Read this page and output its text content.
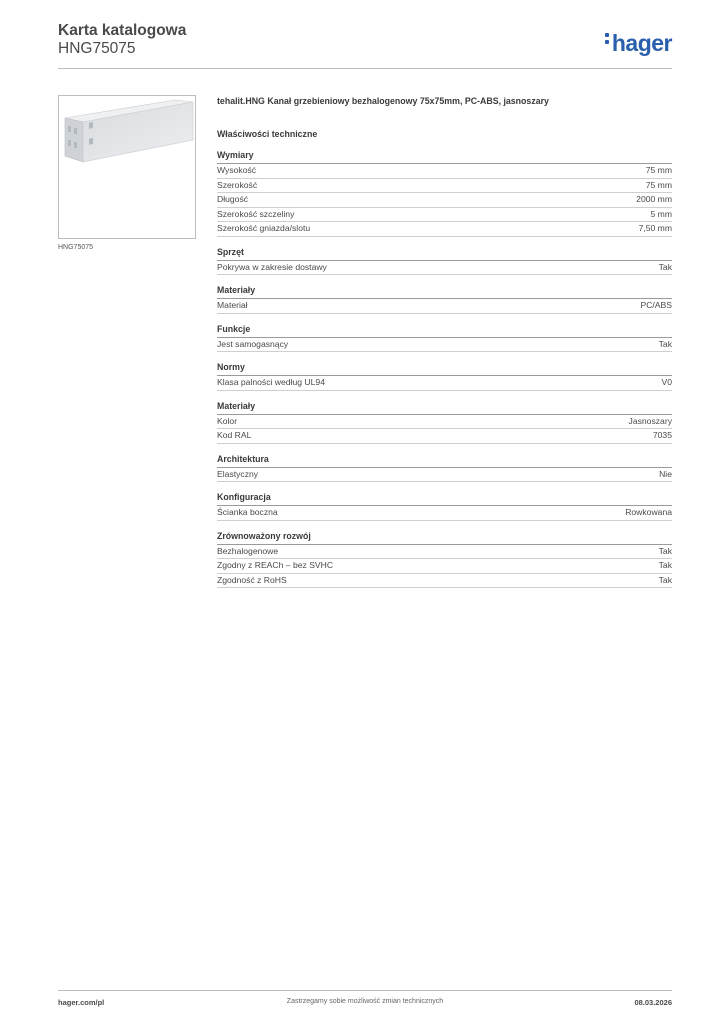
Karta katalogowa
HNG75075	hager
HNG75075
tehalit.HNG Kanał grzebieniowy bezhalogenowy 75x75mm, PC-ABS, jasnoszary
Właściwości techniczne
Wymiary
Wysokość	75 mm
Szerokość	75 mm
Długość	2000 mm
Szerokość szczeliny	5 mm
Szerokość gniazda/slotu	7,50 mm
Sprzęt
Pokrywa w zakresie dostawy	Tak
Materiały
Materiał	PC/ABS
Funkcje
Jest samogasnący	Tak
Normy
Klasa palności według UL94	V0
Materiały
Kolor	Jasnoszary
Kod RAL	7035
Architektura
Elastyczny	Nie
Konfiguracja
Ścianka boczna	Rowkowana
Zrównoważony rozwój
Bezhalogenowe	Tak
Zgodny z REACh – bez SVHC	Tak
Zgodność z RoHS	Tak
hager.com/pl	Zastrzegamy sobie możliwość zmian technicznych	08.03.2026
